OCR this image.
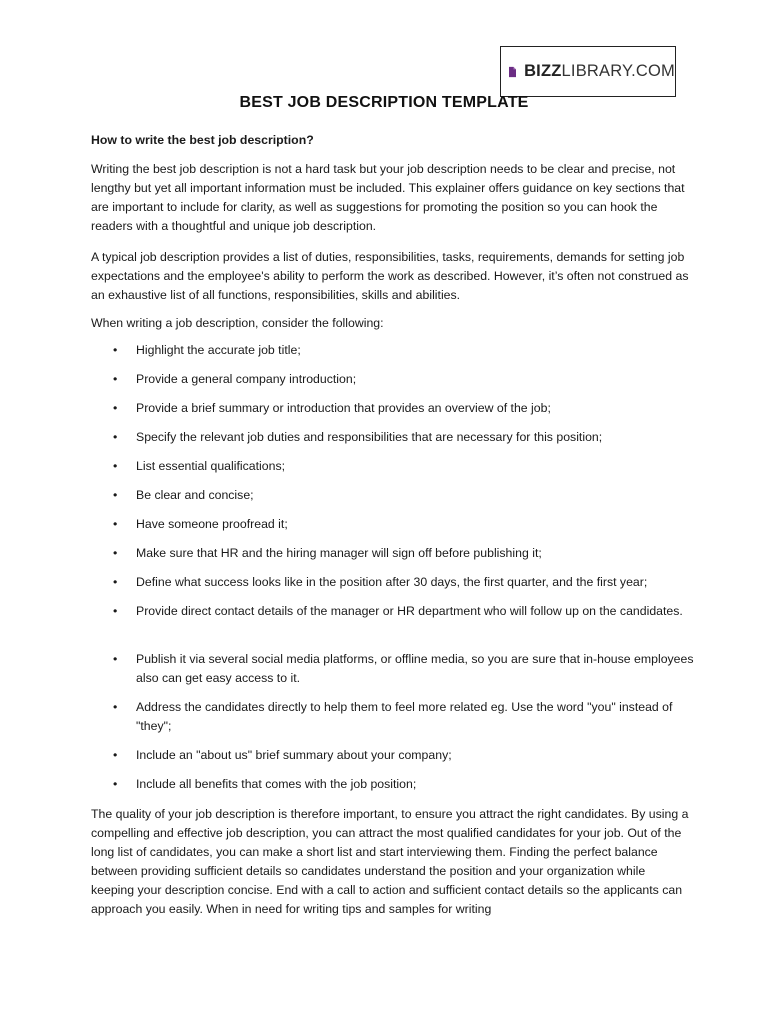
BIZZLIBRARY.COM
BEST JOB DESCRIPTION TEMPLATE

How to write the best job description?

Writing the best job description is not a hard task but your job description needs to be clear and precise, not lengthy but yet all important information must be included. This explainer offers guidance on key sections that are important to include for clarity, as well as suggestions for promoting the position so you can hook the readers with a thoughtful and unique job description.

A typical job description provides a list of duties, responsibilities, tasks, requirements, demands for setting job expectations and the employee's ability to perform the work as described. However, it’s often not construed as an exhaustive list of all functions, responsibilities, skills and abilities.

When writing a job description, consider the following:

• Highlight the accurate job title;
• Provide a general company introduction;
• Provide a brief summary or introduction that provides an overview of the job;
• Specify the relevant job duties and responsibilities that are necessary for this position;
• List essential qualifications;
• Be clear and concise;
• Have someone proofread it;
• Make sure that HR and the hiring manager will sign off before publishing it;
• Define what success looks like in the position after 30 days, the first quarter, and the first year;
• Provide direct contact details of the manager or HR department who will follow up on the candidates.
• Publish it via several social media platforms, or offline media, so you are sure that in-house employees also can get easy access to it.
• Address the candidates directly to help them to feel more related eg. Use the word "you" instead of "they";
• Include an "about us" brief summary about your company;
• Include all benefits that comes with the job position;

The quality of your job description is therefore important, to ensure you attract the right candidates. By using a compelling and effective job description, you can attract the most qualified candidates for your job. Out of the long list of candidates, you can make a short list and start interviewing them. Finding the perfect balance between providing sufficient details so candidates understand the position and your organization while keeping your description concise. End with a call to action and sufficient contact details so the applicants can approach you easily. When in need for writing tips and samples for writing
